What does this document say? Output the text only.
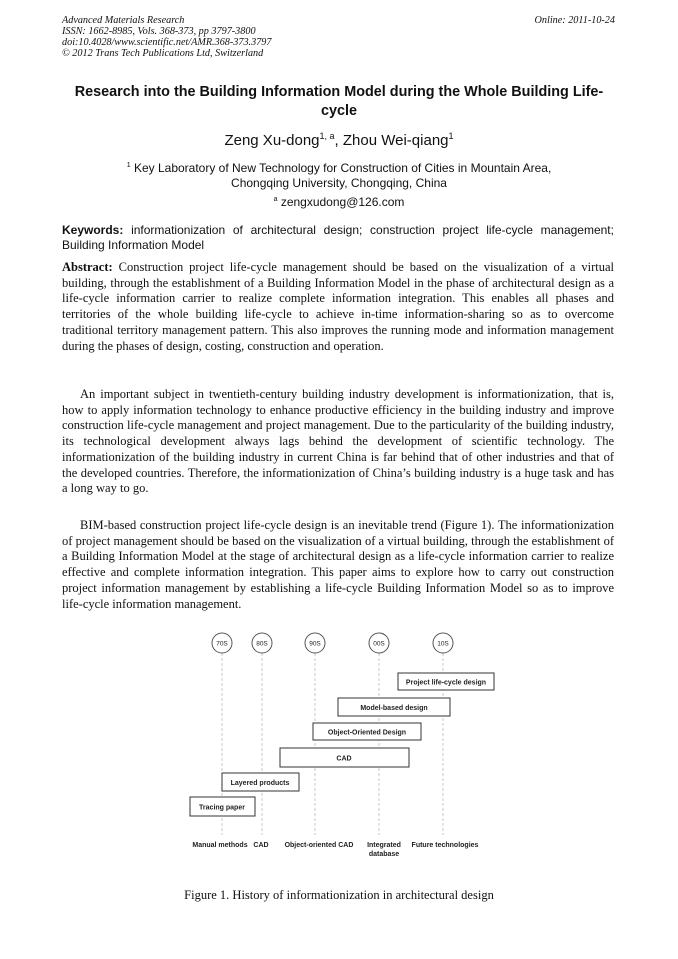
Advanced Materials Research
ISSN: 1662-8985, Vols. 368-373, pp 3797-3800
doi:10.4028/www.scientific.net/AMR.368-373.3797
© 2012 Trans Tech Publications Ltd, Switzerland
Online: 2011-10-24
Research into the Building Information Model during the Whole Building Life-cycle
Zeng Xu-dong$^{1, a}$, Zhou Wei-qiang$^1$
$^1$ Key Laboratory of New Technology for Construction of Cities in Mountain Area,
Chongqing University, Chongqing, China
$^a$ zengxudong@126.com
Keywords: informationization of architectural design; construction project life-cycle management; Building Information Model
Abstract: Construction project life-cycle management should be based on the visualization of a virtual building, through the establishment of a Building Information Model in the phase of architectural design as a life-cycle information carrier to realize complete information integration. This enables all phases and territories of the whole building life-cycle to achieve in-time information-sharing so as to overcome traditional territory management pattern. This also improves the running mode and information management during the phases of design, costing, construction and operation.
An important subject in twentieth-century building industry development is informationization, that is, how to apply information technology to enhance productive efficiency in the building industry and improve construction life-cycle management and project management. Due to the particularity of the building industry, its technological development always lags behind the development of scientific technology. The informationization of the building industry in current China is far behind that of other industries and that of the developed countries. Therefore, the informationization of China’s building industry is a huge task and has a long way to go.
BIM-based construction project life-cycle design is an inevitable trend (Figure 1). The informationization of project management should be based on the visualization of a virtual building, through the establishment of a Building Information Model at the stage of architectural design as a life-cycle information carrier to realize effective and complete information integration. This paper aims to explore how to carry out construction project information management by establishing a life-cycle Building Information Model so as to improve life-cycle information management.
70S	80S	90S	00S	10S
Project life-cycle design
Model-based design
Object-Oriented Design
CAD
Layered products
Tracing paper
Manual methods CAD Object-oriented CAD Integrated
database
Future technologies
Figure 1. History of informationization in architectural design
